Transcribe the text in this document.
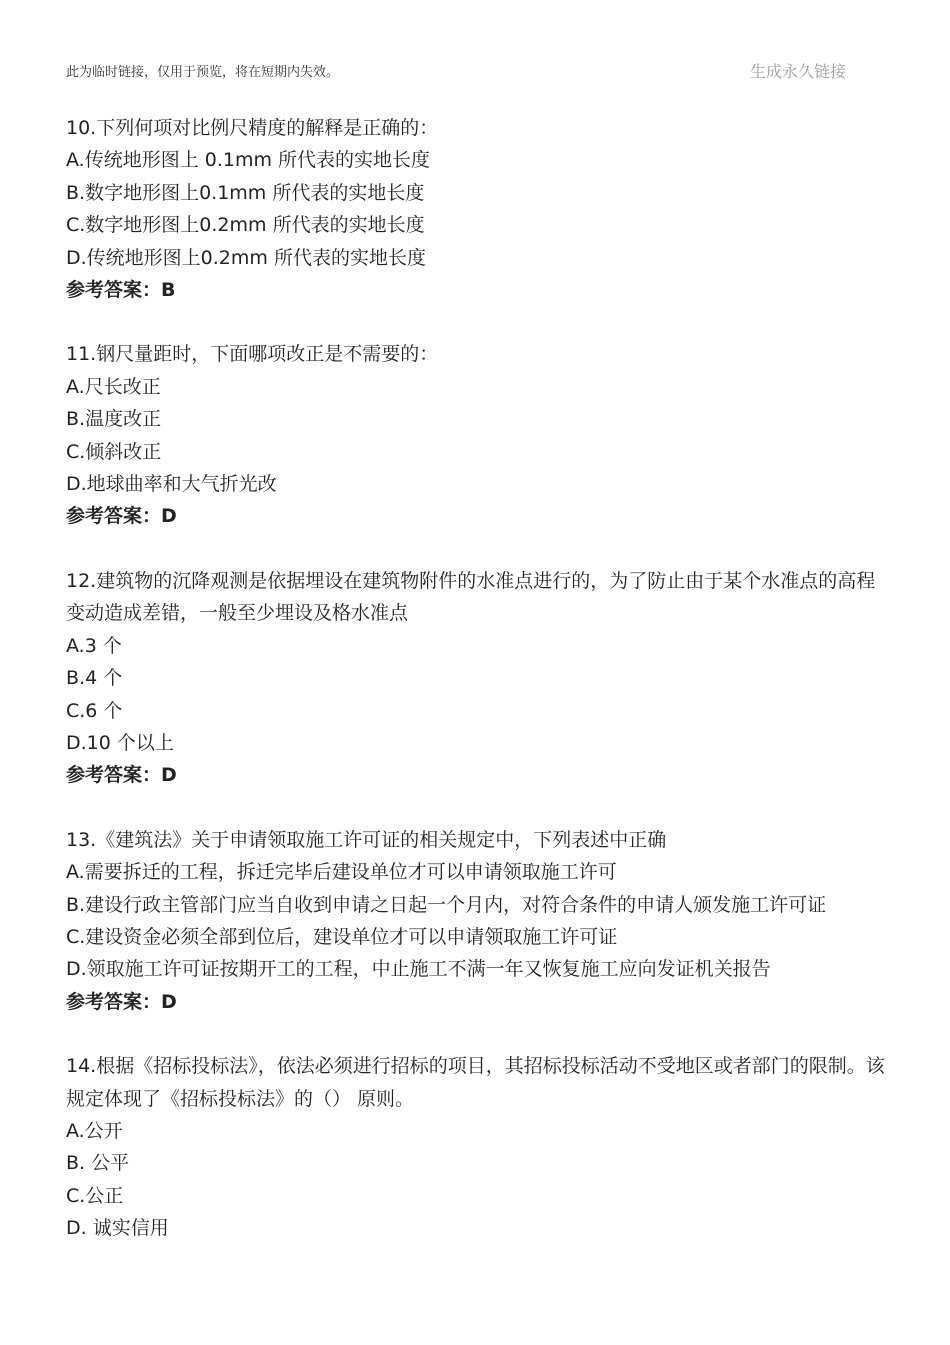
此为临时链接，仅用于预览，将在短期内失效。	生成永久链接
10.下列何项对比例尺精度的解释是正确的：
A.传统地形图上 0.1mm 所代表的实地长度
B.数字地形图上0.1mm 所代表的实地长度
C.数字地形图上0.2mm 所代表的实地长度
D.传统地形图上0.2mm 所代表的实地长度
参考答案：B
11.钢尺量距时，下面哪项改正是不需要的：
A.尺长改正
B.温度改正
C.倾斜改正
D.地球曲率和大气折光改
参考答案：D
12.建筑物的沉降观测是依据埋设在建筑物附件的水准点进行的，为了防止由于某个水准点的高程变动造成差错，一般至少埋设及格水准点
A.3 个
B.4 个
C.6 个
D.10 个以上
参考答案：D
13.《建筑法》关于申请领取施工许可证的相关规定中，下列表述中正确
A.需要拆迁的工程，拆迁完毕后建设单位才可以申请领取施工许可
B.建设行政主管部门应当自收到申请之日起一个月内，对符合条件的申请人颁发施工许可证
C.建设资金必须全部到位后，建设单位才可以申请领取施工许可证
D.领取施工许可证按期开工的工程，中止施工不满一年又恢复施工应向发证机关报告
参考答案：D
14.根据《招标投标法》，依法必须进行招标的项目，其招标投标活动不受地区或者部门的限制。该规定体现了《招标投标法》的（） 原则。
A.公开
B. 公平
C.公正
D. 诚实信用
